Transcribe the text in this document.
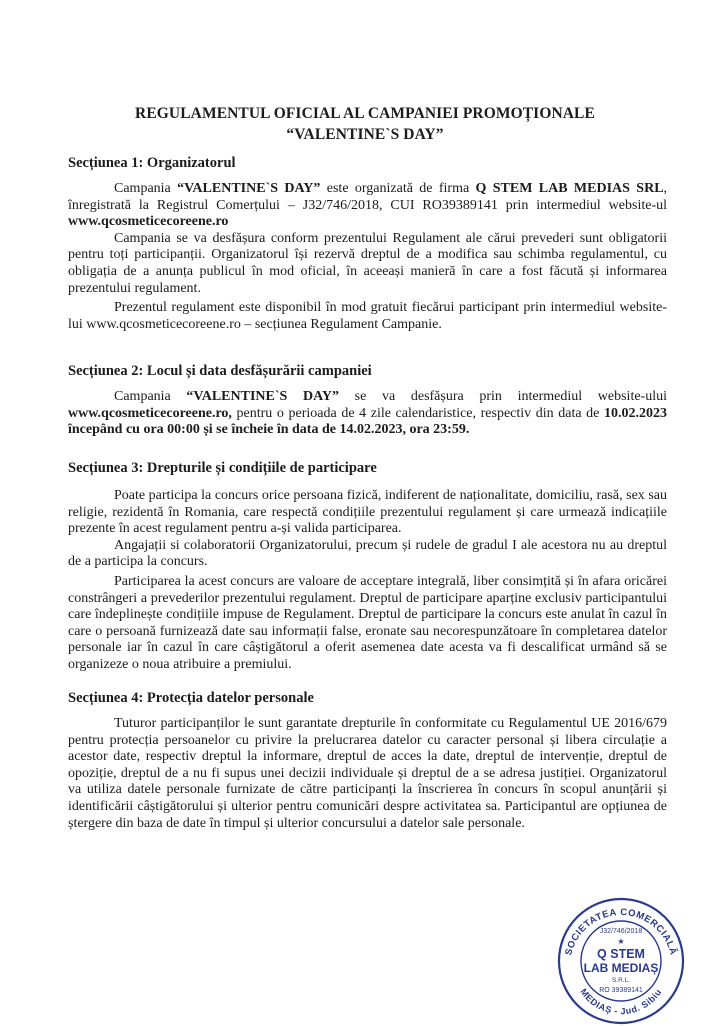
REGULAMENTUL OFICIAL AL CAMPANIEI PROMOȚIONALE
“VALENTINE`S DAY”
Secțiunea 1: Organizatorul

Campania “VALENTINE`S DAY” este organizată de firma Q STEM LAB MEDIAS SRL, înregistrată la Registrul Comerțului – J32/746/2018, CUI RO39389141 prin intermediul website-ul www.qcosmeticecoreene.ro

Campania se va desfășura conform prezentului Regulament ale cărui prevederi sunt obligatorii pentru toți participanții. Organizatorul își rezervă dreptul de a modifica sau schimba regulamentul, cu obligația de a anunța publicul în mod oficial, în aceeași manieră în care a fost făcută și informarea prezentului regulament.

Prezentul regulament este disponibil în mod gratuit fiecărui participant prin intermediul website-lui www.qcosmeticecoreene.ro – secțiunea Regulament Campanie.

Secțiunea 2: Locul și data desfășurării campaniei

Campania “VALENTINE`S DAY” se va desfășura prin intermediul website-ului www.qcosmeticecoreene.ro, pentru o perioada de 4 zile calendaristice, respectiv din data de 10.02.2023 începând cu ora 00:00 și se încheie în data de 14.02.2023, ora 23:59.

Secțiunea 3: Drepturile și condițiile de participare

Poate participa la concurs orice persoana fizică, indiferent de naționalitate, domiciliu, rasă, sex sau religie, rezidentă în Romania, care respectă condițiile prezentului regulament și care urmează indicațiile prezente în acest regulament pentru a-și valida participarea.

Angajații si colaboratorii Organizatorului, precum și rudele de gradul I ale acestora nu au dreptul de a participa la concurs.

Participarea la acest concurs are valoare de acceptare integrală, liber consimțită și în afara oricărei constrângeri a prevederilor prezentului regulament. Dreptul de participare aparține exclusiv participantului care îndeplinește condițiile impuse de Regulament. Dreptul de participare la concurs este anulat în cazul în care o persoană furnizează date sau informații false, eronate sau necorespunzătoare în completarea datelor personale iar în cazul în care câștigătorul a oferit asemenea date acesta va fi descalificat urmând să se organizeze o noua atribuire a premiului.

Secțiunea 4: Protecția datelor personale

Tuturor participanților le sunt garantate drepturile în conformitate cu Regulamentul UE 2016/679 pentru protecția persoanelor cu privire la prelucrarea datelor cu caracter personal și libera circulație a acestor date, respectiv dreptul la informare, dreptul de acces la date, dreptul de intervenție, dreptul de opoziție, dreptul de a nu fi supus unei decizii individuale și dreptul de a se adresa justiției. Organizatorul va utiliza datele personale furnizate de către participanți la înscrierea în concurs în scopul anunțării și identificării câștigătorului și ulterior pentru comunicări despre activitatea sa. Participantul are opțiunea de ștergere din baza de date în timpul și ulterior concursului a datelor sale personale.

SOCIETATEA COMERCIALĂ
MEDIAȘ - Jud. Sibiu
J32/746/2018
★
Q STEM
LAB MEDIAȘ
S.R.L.
RO 39389141
